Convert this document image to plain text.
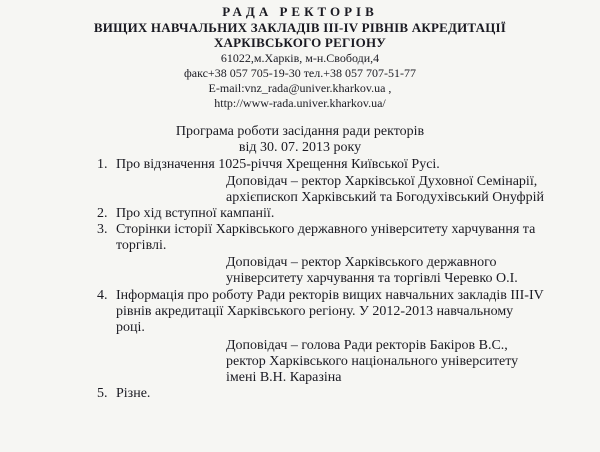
​
РАДА РЕКТОРІВ
ВИЩИХ НАВЧАЛЬНИХ ЗАКЛАДІВ ІІІ-IV РІВНІВ АКРЕДИТАЦІЇ
ХАРКІВСЬКОГО РЕГІОНУ
61022,м.Харків, м-н.Свободи,4
факс+38 057 705-19-30 тел.+38 057 707-51-77
E-mail:vnz_rada@univer.kharkov.ua ,
http://www-rada.univer.kharkov.ua/
Програма роботи засідання ради ректорів
від 30. 07. 2013 року
1. Про відзначення 1025-річчя Хрещення Київської Русі.
Доповідач – ректор Харківської Духовної Семінарії,
архієпископ Харківський та Богодухівський Онуфрій
2. Про хід вступної кампанії.
3. Сторінки історії Харківського державного університету харчування та
торгівлі.
Доповідач – ректор Харківського державного
університету харчування та торгівлі Черевко О.І.
4. Інформація про роботу Ради ректорів вищих навчальних закладів ІІІ-IV
рівнів акредитації Харківського регіону. У 2012-2013 навчальному
році.
Доповідач – голова Ради ректорів Бакіров В.С.,
ректор Харківського національного університету
імені В.Н. Каразіна
5. Різне.
